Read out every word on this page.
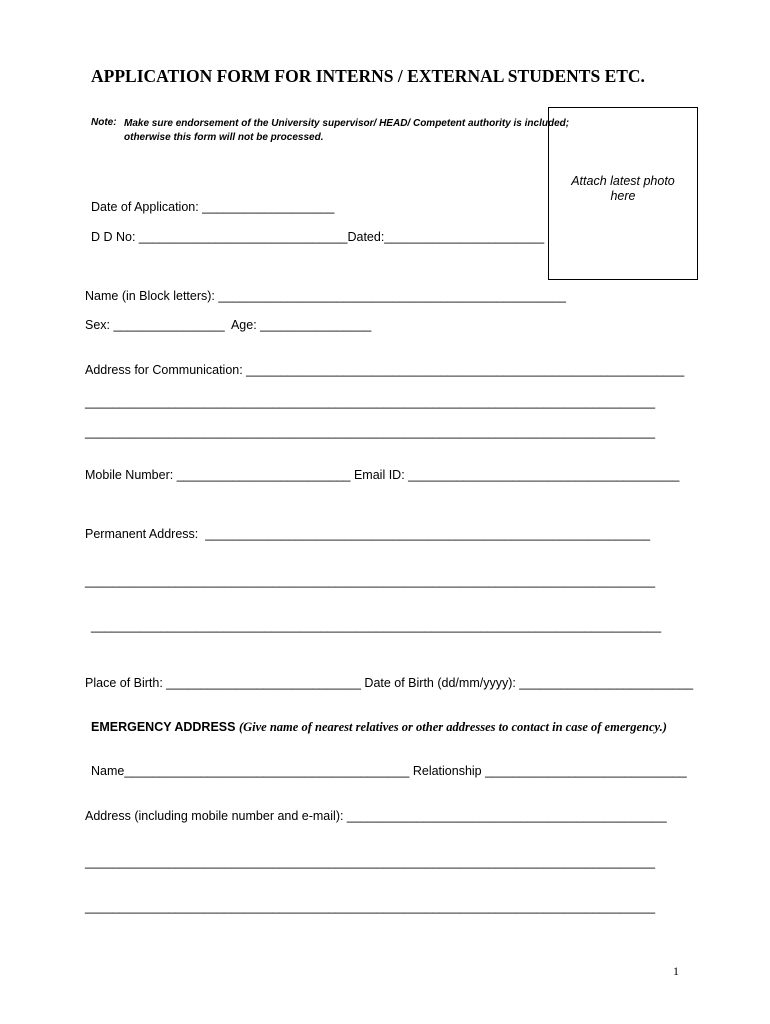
APPLICATION FORM FOR INTERNS / EXTERNAL STUDENTS ETC.
Note: Make sure endorsement of the University supervisor/ HEAD/ Competent authority is included;
otherwise this form will not be processed.
Attach latest photo
here
Date of Application: ___________________
D D No: ______________________________Dated:_______________________
Name (in Block letters): __________________________________________________
Sex: ________________  Age: ________________
Address for Communication: _______________________________________________________________
__________________________________________________________________________________
__________________________________________________________________________________
Mobile Number: _________________________ Email ID: _______________________________________
Permanent Address:  ________________________________________________________________
__________________________________________________________________________________
__________________________________________________________________________________
Place of Birth: ____________________________ Date of Birth (dd/mm/yyyy): _________________________
EMERGENCY ADDRESS (Give name of nearest relatives or other addresses to contact in case of emergency.)
Name_________________________________________ Relationship _____________________________
Address (including mobile number and e-mail): ______________________________________________
__________________________________________________________________________________
__________________________________________________________________________________
1
